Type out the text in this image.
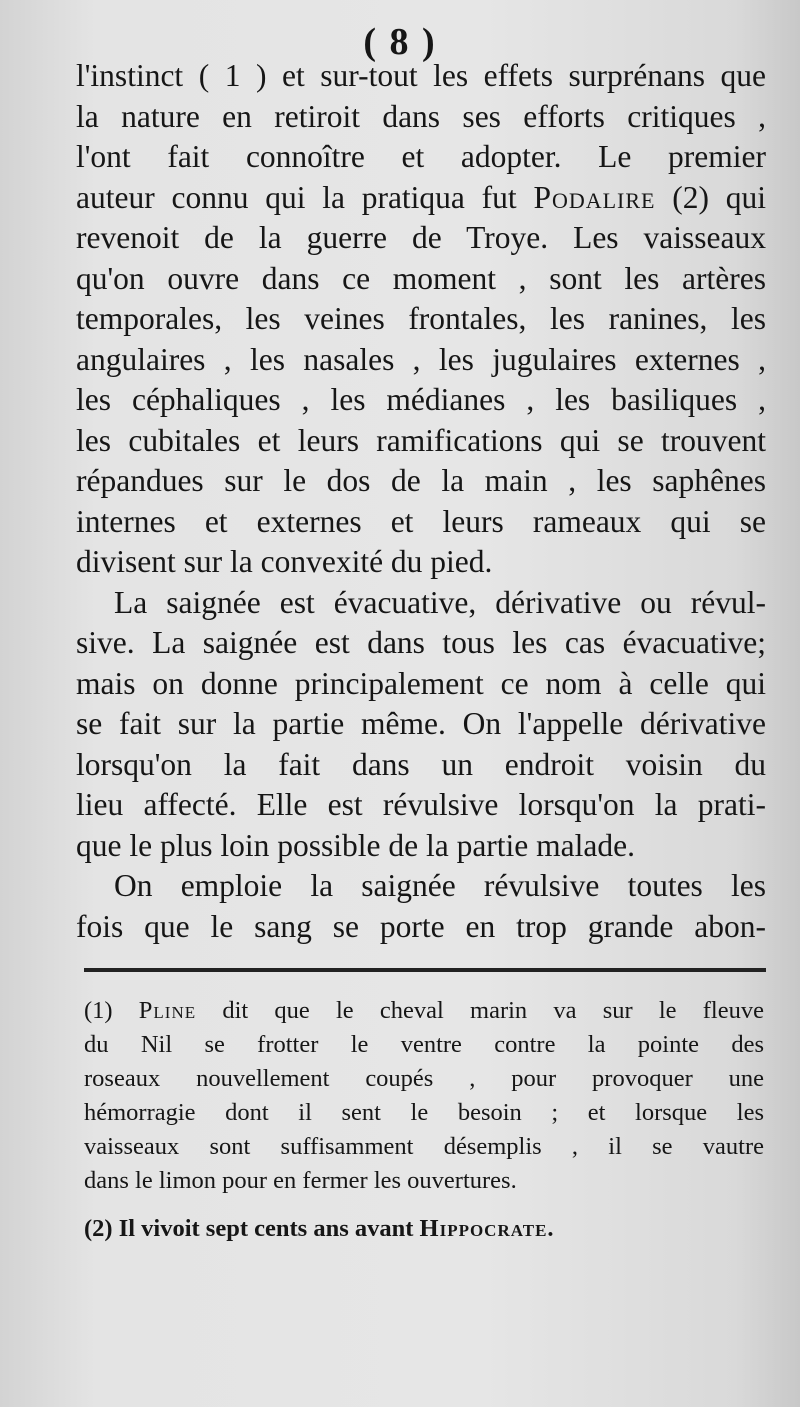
( 8 )
l'instinct ( 1 ) et sur-tout les effets surprénans que
la nature en retiroit dans ses efforts critiques ,
l'ont fait connoître et adopter. Le premier
auteur connu qui la pratiqua fut Podalire (2) qui
revenoit de la guerre de Troye. Les vaisseaux
qu'on ouvre dans ce moment , sont les artères
temporales, les veines frontales, les ranines, les
angulaires , les nasales , les jugulaires externes ,
les céphaliques , les médianes , les basiliques ,
les cubitales et leurs ramifications qui se trouvent
répandues sur le dos de la main , les saphênes
internes et externes et leurs rameaux qui se
divisent sur la convexité du pied.
La saignée est évacuative, dérivative ou révul-
sive. La saignée est dans tous les cas évacuative;
mais on donne principalement ce nom à celle qui
se fait sur la partie même. On l'appelle dérivative
lorsqu'on la fait dans un endroit voisin du
lieu affecté. Elle est révulsive lorsqu'on la prati-
que le plus loin possible de la partie malade.
On emploie la saignée révulsive toutes les
fois que le sang se porte en trop grande abon-
(1) Pline dit que le cheval marin va sur le fleuve
du Nil se frotter le ventre contre la pointe des
roseaux nouvellement coupés , pour provoquer une
hémorragie dont il sent le besoin ; et lorsque les
vaisseaux sont suffisamment désemplis , il se vautre
dans le limon pour en fermer les ouvertures.
(2) Il vivoit sept cents ans avant Hippocrate.
